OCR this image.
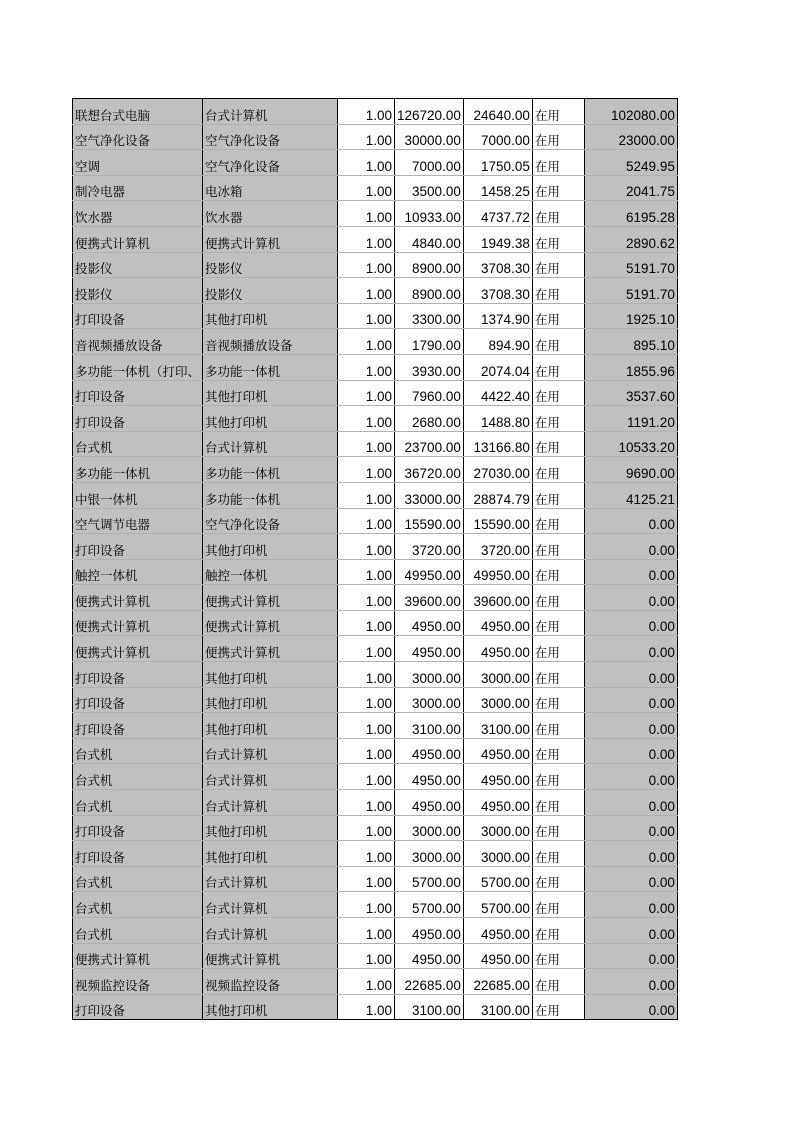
联想台式电脑	台式计算机	1.00	126720.00	24640.00	在用	102080.00
空气净化设备	空气净化设备	1.00	30000.00	7000.00	在用	23000.00
空调	空气净化设备	1.00	7000.00	1750.05	在用	5249.95
制冷电器	电冰箱	1.00	3500.00	1458.25	在用	2041.75
饮水器	饮水器	1.00	10933.00	4737.72	在用	6195.28
便携式计算机	便携式计算机	1.00	4840.00	1949.38	在用	2890.62
投影仪	投影仪	1.00	8900.00	3708.30	在用	5191.70
投影仪	投影仪	1.00	8900.00	3708.30	在用	5191.70
打印设备	其他打印机	1.00	3300.00	1374.90	在用	1925.10
音视频播放设备	音视频播放设备	1.00	1790.00	894.90	在用	895.10
多功能一体机（打印、	多功能一体机	1.00	3930.00	2074.04	在用	1855.96
打印设备	其他打印机	1.00	7960.00	4422.40	在用	3537.60
打印设备	其他打印机	1.00	2680.00	1488.80	在用	1191.20
台式机	台式计算机	1.00	23700.00	13166.80	在用	10533.20
多功能一体机	多功能一体机	1.00	36720.00	27030.00	在用	9690.00
中银一体机	多功能一体机	1.00	33000.00	28874.79	在用	4125.21
空气调节电器	空气净化设备	1.00	15590.00	15590.00	在用	0.00
打印设备	其他打印机	1.00	3720.00	3720.00	在用	0.00
触控一体机	触控一体机	1.00	49950.00	49950.00	在用	0.00
便携式计算机	便携式计算机	1.00	39600.00	39600.00	在用	0.00
便携式计算机	便携式计算机	1.00	4950.00	4950.00	在用	0.00
便携式计算机	便携式计算机	1.00	4950.00	4950.00	在用	0.00
打印设备	其他打印机	1.00	3000.00	3000.00	在用	0.00
打印设备	其他打印机	1.00	3000.00	3000.00	在用	0.00
打印设备	其他打印机	1.00	3100.00	3100.00	在用	0.00
台式机	台式计算机	1.00	4950.00	4950.00	在用	0.00
台式机	台式计算机	1.00	4950.00	4950.00	在用	0.00
台式机	台式计算机	1.00	4950.00	4950.00	在用	0.00
打印设备	其他打印机	1.00	3000.00	3000.00	在用	0.00
打印设备	其他打印机	1.00	3000.00	3000.00	在用	0.00
台式机	台式计算机	1.00	5700.00	5700.00	在用	0.00
台式机	台式计算机	1.00	5700.00	5700.00	在用	0.00
台式机	台式计算机	1.00	4950.00	4950.00	在用	0.00
便携式计算机	便携式计算机	1.00	4950.00	4950.00	在用	0.00
视频监控设备	视频监控设备	1.00	22685.00	22685.00	在用	0.00
打印设备	其他打印机	1.00	3100.00	3100.00	在用	0.00
